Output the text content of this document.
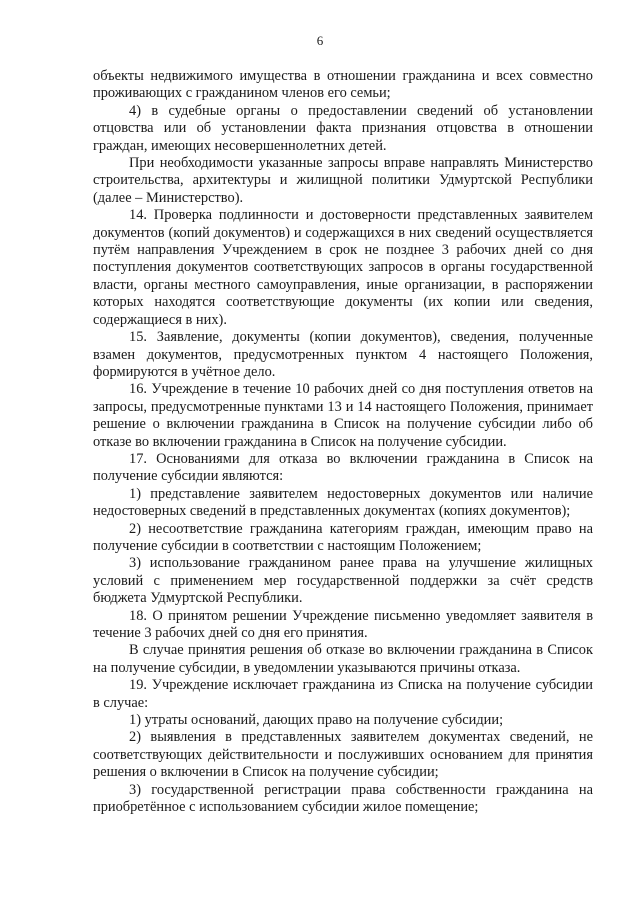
6

объекты недвижимого имущества в отношении гражданина и всех совместно проживающих с гражданином членов его семьи;

4) в судебные органы о предоставлении сведений об установлении отцовства или об установлении факта признания отцовства в отношении граждан, имеющих несовершеннолетних детей.

При необходимости указанные запросы вправе направлять Министерство строительства, архитектуры и жилищной политики Удмуртской Республики (далее – Министерство).

14. Проверка подлинности и достоверности представленных заявителем документов (копий документов) и содержащихся в них сведений осуществляется путём направления Учреждением в срок не позднее 3 рабочих дней со дня поступления документов соответствующих запросов в органы государственной власти, органы местного самоуправления, иные организации, в распоряжении которых находятся соответствующие документы (их копии или сведения, содержащиеся в них).

15. Заявление, документы (копии документов), сведения, полученные взамен документов, предусмотренных пунктом 4 настоящего Положения, формируются в учётное дело.

16. Учреждение в течение 10 рабочих дней со дня поступления ответов на запросы, предусмотренные пунктами 13 и 14 настоящего Положения, принимает решение о включении гражданина в Список на получение субсидии либо об отказе во включении гражданина в Список на получение субсидии.

17. Основаниями для отказа во включении гражданина в Список на получение субсидии являются:

1) представление заявителем недостоверных документов или наличие недостоверных сведений в представленных документах (копиях документов);

2) несоответствие гражданина категориям граждан, имеющим право на получение субсидии в соответствии с настоящим Положением;

3) использование гражданином ранее права на улучшение жилищных условий с применением мер государственной поддержки за счёт средств бюджета Удмуртской Республики.

18. О принятом решении Учреждение письменно уведомляет заявителя в течение 3 рабочих дней со дня его принятия.

В случае принятия решения об отказе во включении гражданина в Список на получение субсидии, в уведомлении указываются причины отказа.

19. Учреждение исключает гражданина из Списка на получение субсидии в случае:

1) утраты оснований, дающих право на получение субсидии;

2) выявления в представленных заявителем документах сведений, не соответствующих действительности и послуживших основанием для принятия решения о включении в Список на получение субсидии;

3) государственной регистрации права собственности гражданина на приобретённое с использованием субсидии жилое помещение;
